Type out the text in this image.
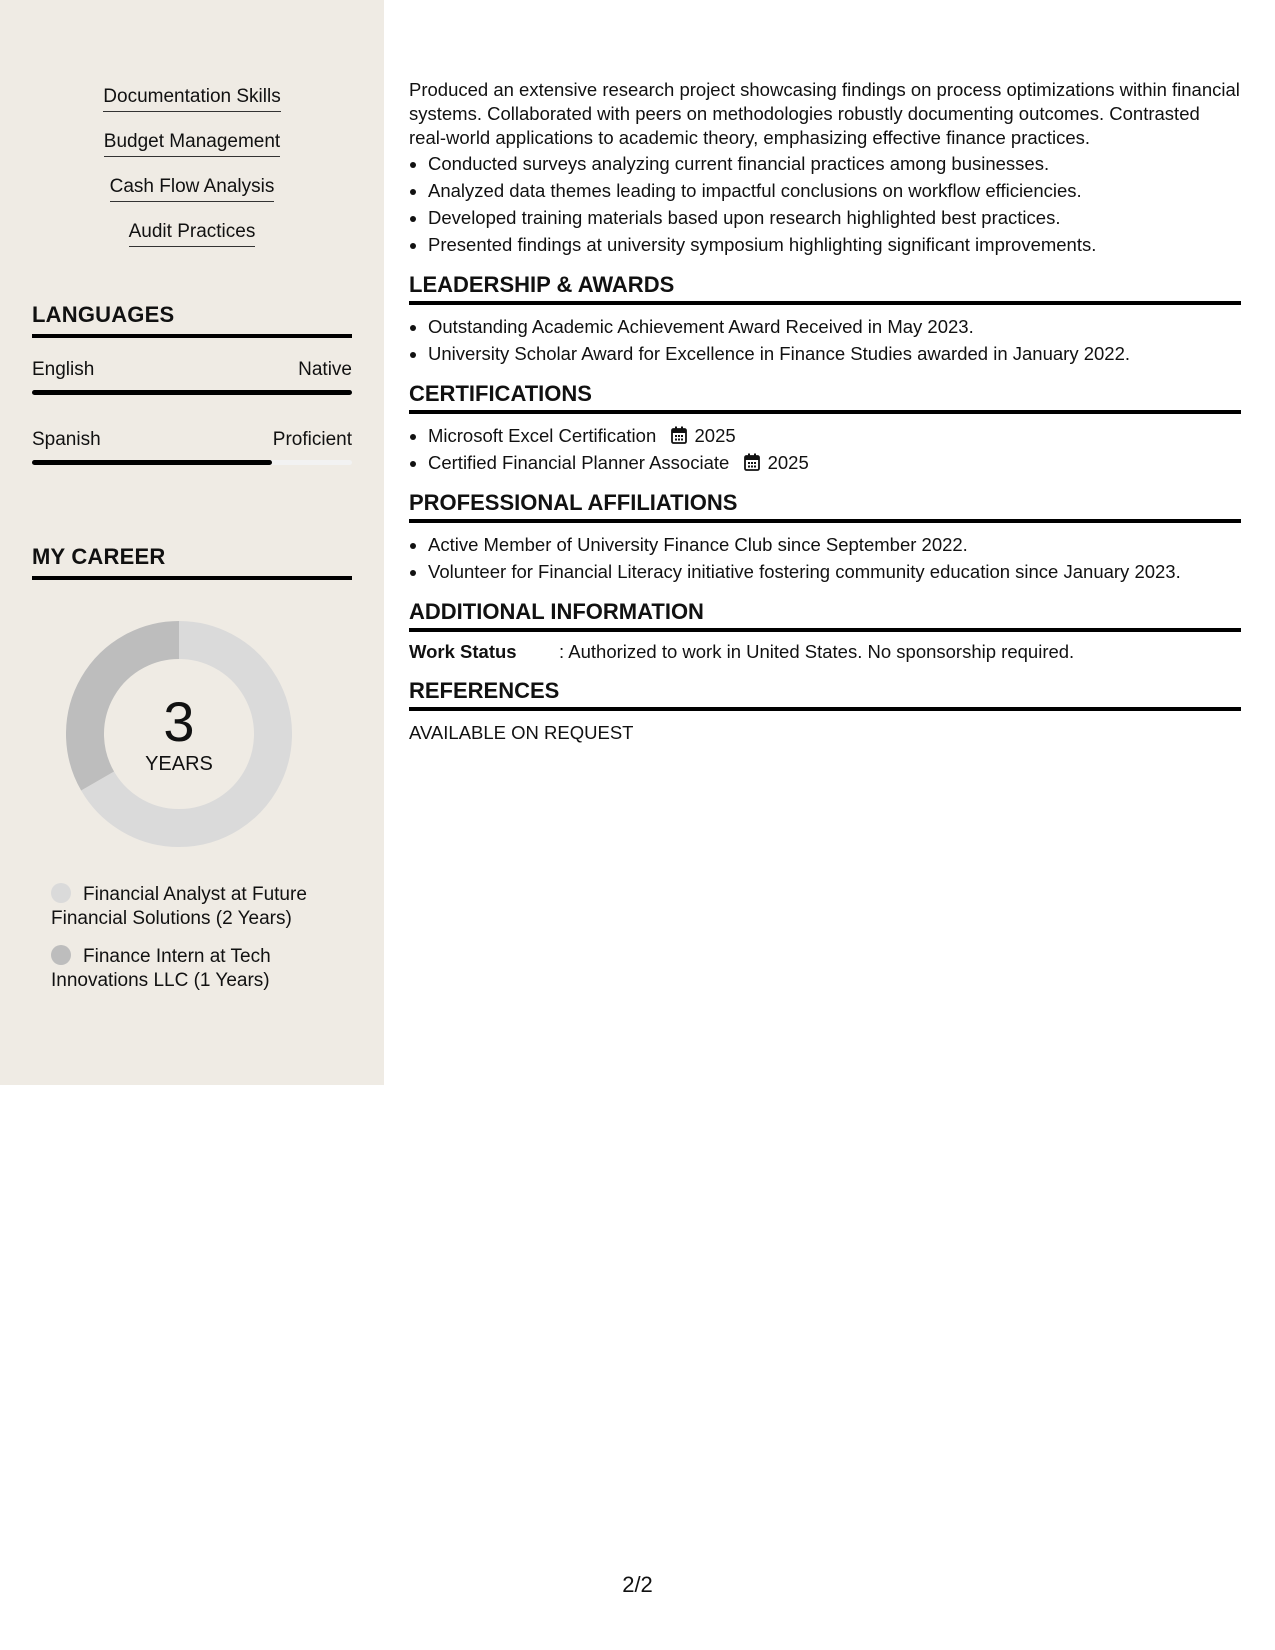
Documentation Skills
Budget Management
Cash Flow Analysis
Audit Practices
LANGUAGES
English	Native
Spanish	Proficient
MY CAREER
3
YEARS
Financial Analyst at Future Financial Solutions (2 Years)
Finance Intern at Tech Innovations LLC (1 Years)

Produced an extensive research project showcasing findings on process optimizations within financial systems. Collaborated with peers on methodologies robustly documenting outcomes. Contrasted real-world applications to academic theory, emphasizing effective finance practices.

• Conducted surveys analyzing current financial practices among businesses.
• Analyzed data themes leading to impactful conclusions on workflow efficiencies.
• Developed training materials based upon research highlighted best practices.
• Presented findings at university symposium highlighting significant improvements.
LEADERSHIP & AWARDS
• Outstanding Academic Achievement Award Received in May 2023.
• University Scholar Award for Excellence in Finance Studies awarded in January 2022.
CERTIFICATIONS
• Microsoft Excel Certification 2025
• Certified Financial Planner Associate 2025
PROFESSIONAL AFFILIATIONS
• Active Member of University Finance Club since September 2022.
• Volunteer for Financial Literacy initiative fostering community education since January 2023.
ADDITIONAL INFORMATION
Work Status	: Authorized to work in United States. No sponsorship required.
REFERENCES
AVAILABLE ON REQUEST
2/2
